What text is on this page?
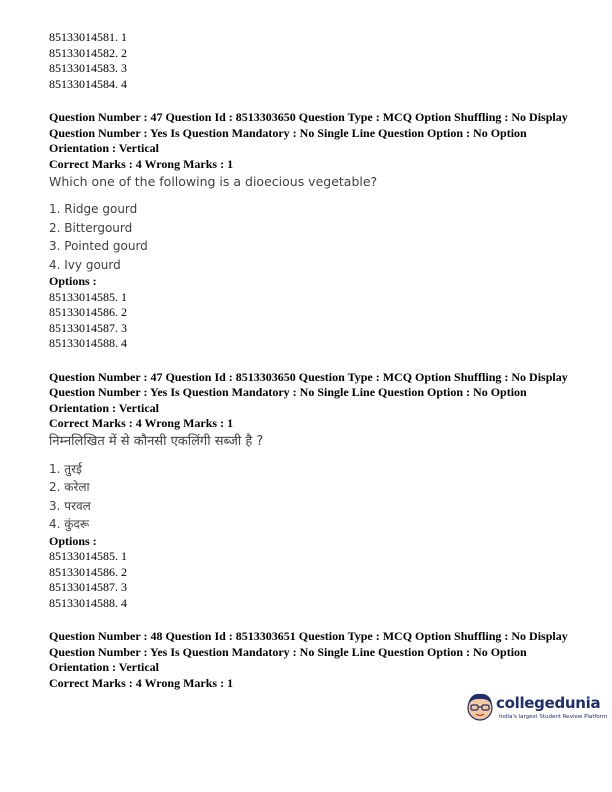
85133014581. 1

85133014582. 2

85133014583. 3

85133014584. 4

Question Number : 47 Question Id : 8513303650 Question Type : MCQ Option Shuffling : No Display

Question Number : Yes Is Question Mandatory : No Single Line Question Option : No Option

Orientation : Vertical

Correct Marks : 4 Wrong Marks : 1

Which one of the following is a dioecious vegetable?

1. Ridge gourd

2. Bittergourd

3. Pointed gourd

4. Ivy gourd

Options :

85133014585. 1

85133014586. 2

85133014587. 3

85133014588. 4

Question Number : 47 Question Id : 8513303650 Question Type : MCQ Option Shuffling : No Display

Question Number : Yes Is Question Mandatory : No Single Line Question Option : No Option

Orientation : Vertical

Correct Marks : 4 Wrong Marks : 1

निम्नलिखित में से कौनसी एकलिंगी सब्जी है ?

1. तुरई

2. करेला

3. परवल

4. कुंदरू

Options :

85133014585. 1

85133014586. 2

85133014587. 3

85133014588. 4

Question Number : 48 Question Id : 8513303651 Question Type : MCQ Option Shuffling : No Display

Question Number : Yes Is Question Mandatory : No Single Line Question Option : No Option

Orientation : Vertical

Correct Marks : 4 Wrong Marks : 1

collegedunia
India's largest Student Review Platform
